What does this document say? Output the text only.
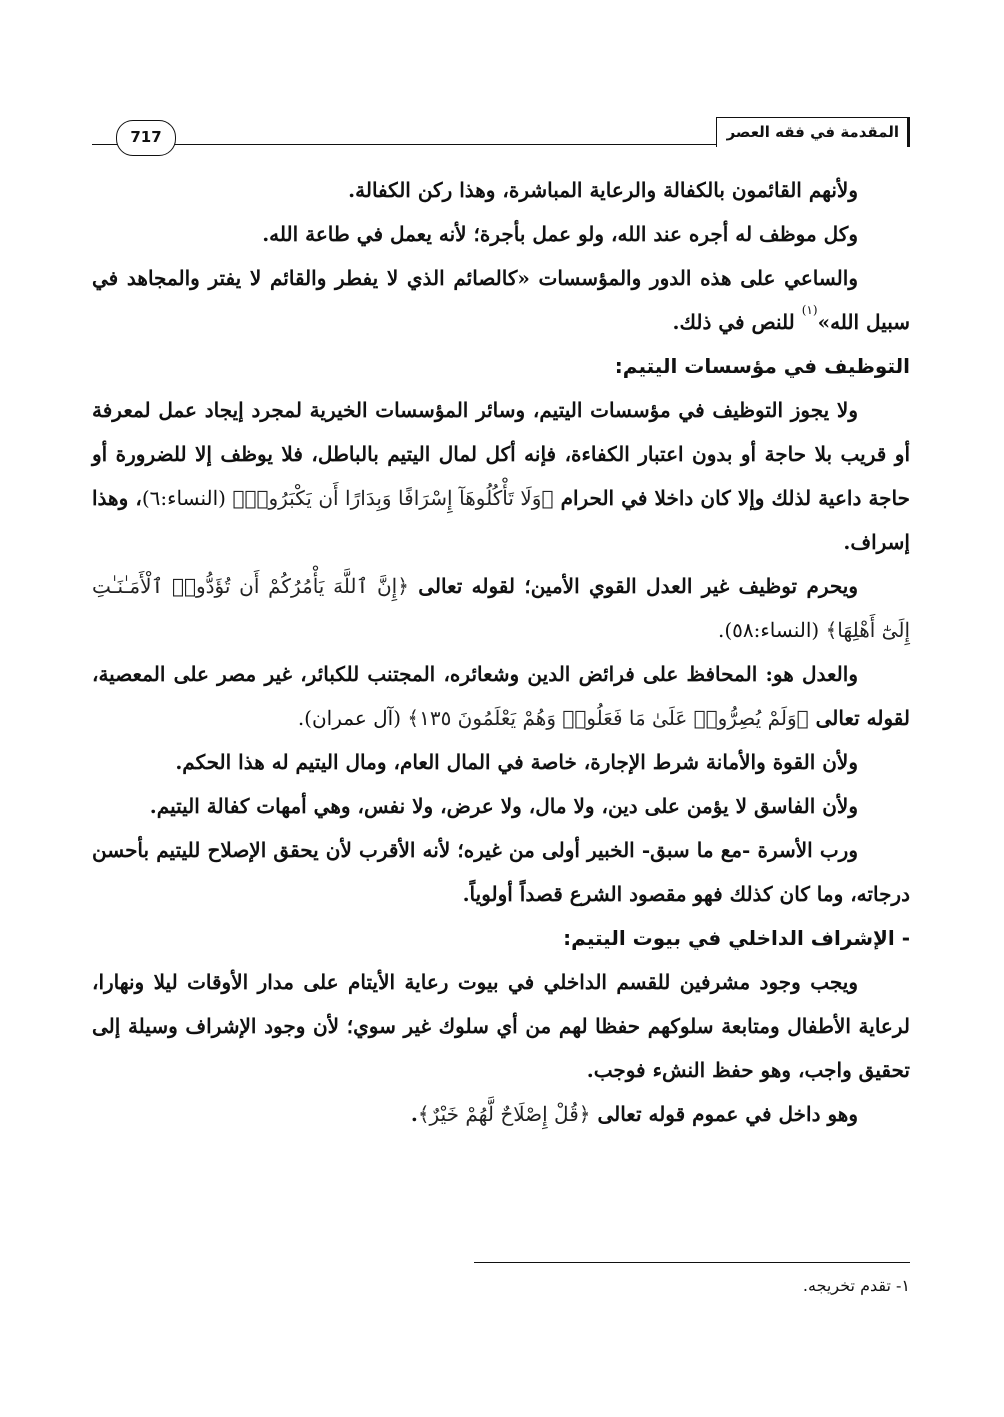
المقدمة في فقه العصر
717

ولأنهم القائمون بالكفالة والرعاية المباشرة، وهذا ركن الكفالة.

وكل موظف له أجره عند الله، ولو عمل بأجرة؛ لأنه يعمل في طاعة الله.

والساعي على هذه الدور والمؤسسات «كالصائم الذي لا يفطر والقائم لا يفتر والمجاهد في سبيل الله»$^{(١)}$ للنص في ذلك.

التوظيف في مؤسسات اليتيم:

ولا يجوز التوظيف في مؤسسات اليتيم، وسائر المؤسسات الخيرية لمجرد إيجاد عمل لمعرفة أو قريب بلا حاجة أو بدون اعتبار الكفاءة، فإنه أكل لمال اليتيم بالباطل، فلا يوظف إلا للضرورة أو حاجة داعية لذلك وإلا كان داخلا في الحرام ﴿وَلَا تَأْكُلُوهَآ إِسْرَافًا وَبِدَارًا أَن يَكْبَرُوا۟﴾ (النساء:٦)، وهذا إسراف.

ويحرم توظيف غير العدل القوي الأمين؛ لقوله تعالى ﴿إِنَّ ٱللَّهَ يَأْمُرُكُمْ أَن تُؤَدُّوا۟ ٱلْأَمَـٰنَـٰتِ إِلَىٰٓ أَهْلِهَا﴾ (النساء:٥٨).

والعدل هو: المحافظ على فرائض الدين وشعائره، المجتنب للكبائر، غير مصر على المعصية، لقوله تعالى ﴿وَلَمْ يُصِرُّوا۟ عَلَىٰ مَا فَعَلُوا۟ وَهُمْ يَعْلَمُونَ ١٣٥﴾ (آل عمران).

ولأن القوة والأمانة شرط الإجارة، خاصة في المال العام، ومال اليتيم له هذا الحكم.

ولأن الفاسق لا يؤمن على دين، ولا مال، ولا عرض، ولا نفس، وهي أمهات كفالة اليتيم.

ورب الأسرة -مع ما سبق- الخبير أولى من غيره؛ لأنه الأقرب لأن يحقق الإصلاح لليتيم بأحسن درجاته، وما كان كذلك فهو مقصود الشرع قصداً أولوياً.

- الإشراف الداخلي في بيوت اليتيم:

ويجب وجود مشرفين للقسم الداخلي في بيوت رعاية الأيتام على مدار الأوقات ليلا ونهارا، لرعاية الأطفال ومتابعة سلوكهم حفظا لهم من أي سلوك غير سوي؛ لأن وجود الإشراف وسيلة إلى تحقيق واجب، وهو حفظ النشء فوجب.

وهو داخل في عموم قوله تعالى ﴿قُلْ إِصْلَاحٌ لَّهُمْ خَيْرٌ﴾.

١- تقدم تخريجه.
